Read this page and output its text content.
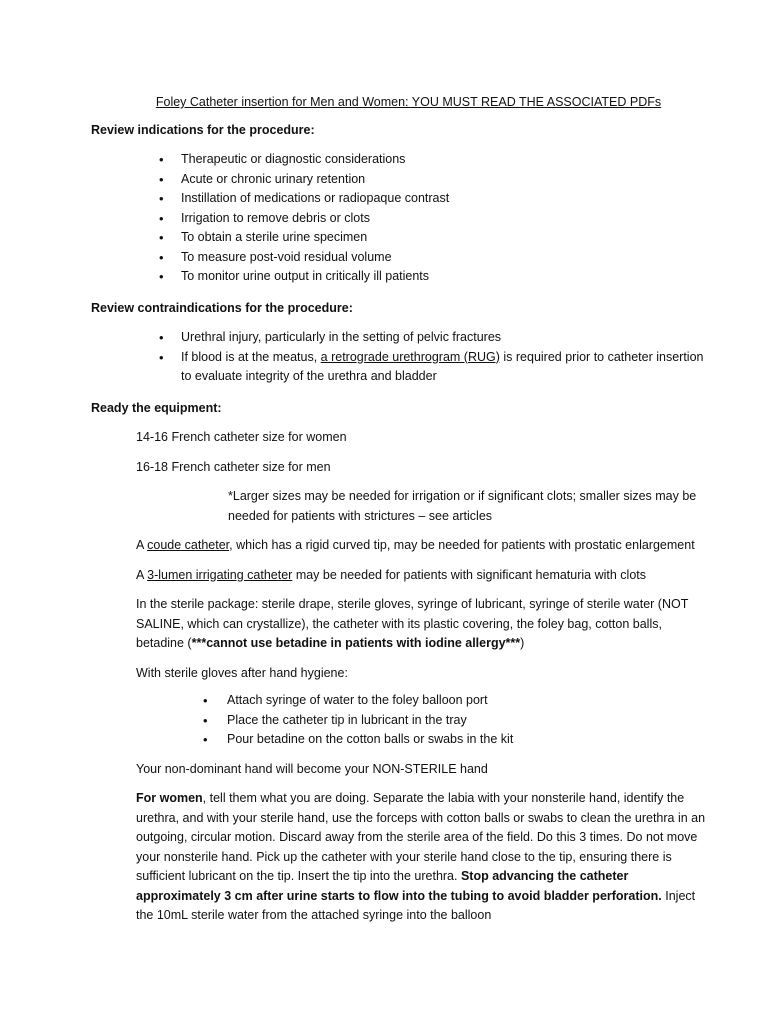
Foley Catheter insertion for Men and Women: YOU MUST READ THE ASSOCIATED PDFs

Review indications for the procedure:

• Therapeutic or diagnostic considerations
• Acute or chronic urinary retention
• Instillation of medications or radiopaque contrast
• Irrigation to remove debris or clots
• To obtain a sterile urine specimen
• To measure post-void residual volume
• To monitor urine output in critically ill patients

Review contraindications for the procedure:

• Urethral injury, particularly in the setting of pelvic fractures
• If blood is at the meatus, a retrograde urethrogram (RUG) is required prior to catheter insertion to evaluate integrity of the urethra and bladder

Ready the equipment:

14-16 French catheter size for women

16-18 French catheter size for men

*Larger sizes may be needed for irrigation or if significant clots; smaller sizes may be needed for patients with strictures – see articles

A coude catheter, which has a rigid curved tip, may be needed for patients with prostatic enlargement

A 3-lumen irrigating catheter may be needed for patients with significant hematuria with clots

In the sterile package: sterile drape, sterile gloves, syringe of lubricant, syringe of sterile water (NOT SALINE, which can crystallize), the catheter with its plastic covering, the foley bag, cotton balls, betadine (***cannot use betadine in patients with iodine allergy***)

With sterile gloves after hand hygiene:

• Attach syringe of water to the foley balloon port
• Place the catheter tip in lubricant in the tray
• Pour betadine on the cotton balls or swabs in the kit

Your non-dominant hand will become your NON-STERILE hand

For women, tell them what you are doing. Separate the labia with your nonsterile hand, identify the urethra, and with your sterile hand, use the forceps with cotton balls or swabs to clean the urethra in an outgoing, circular motion. Discard away from the sterile area of the field. Do this 3 times. Do not move your nonsterile hand. Pick up the catheter with your sterile hand close to the tip, ensuring there is sufficient lubricant on the tip. Insert the tip into the urethra. Stop advancing the catheter approximately 3 cm after urine starts to flow into the tubing to avoid bladder perforation. Inject the 10mL sterile water from the attached syringe into the balloon
